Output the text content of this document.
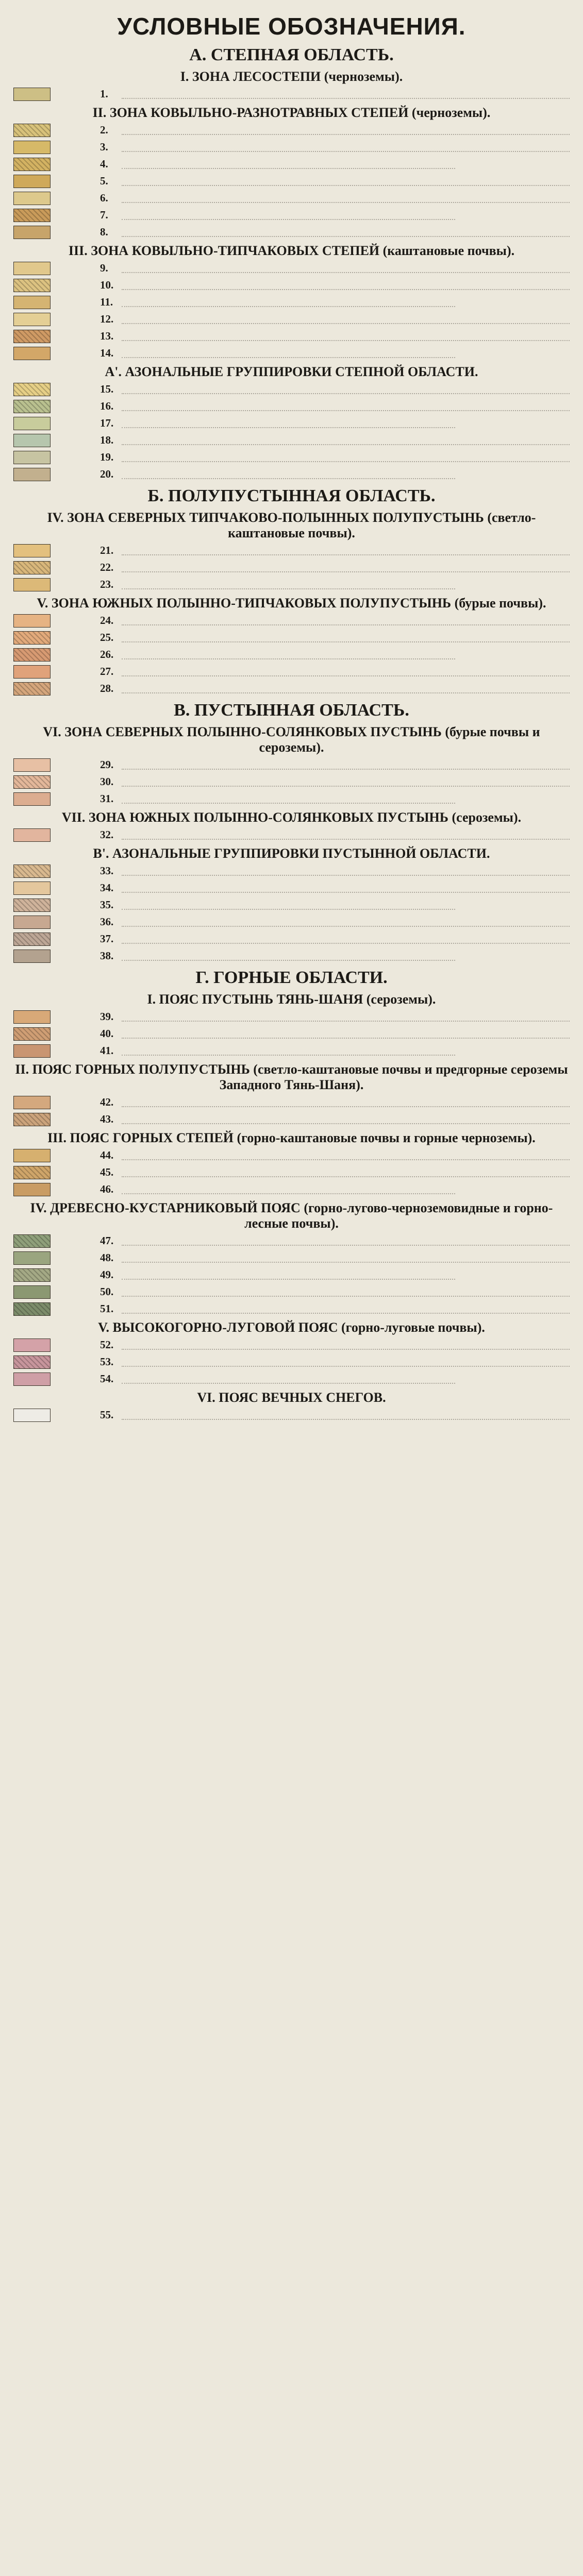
УСЛОВНЫЕ ОБОЗНАЧЕНИЯ.
А. СТЕПНАЯ ОБЛАСТЬ.
I. ЗОНА ЛЕСОСТЕПИ (черноземы).
1.
II. ЗОНА КОВЫЛЬНО-РАЗНОТРАВНЫХ СТЕПЕЙ (черноземы).
2.
3.
4.
5.
6.
7.
8.
III. ЗОНА КОВЫЛЬНО-ТИПЧАКОВЫХ СТЕПЕЙ (каштановые почвы).
9.
10.
11.
12.
13.
14.
А'. АЗОНАЛЬНЫЕ ГРУППИРОВКИ СТЕПНОЙ ОБЛАСТИ.
15.
16.
17.
18.
19.
20.
Б. ПОЛУПУСТЫННАЯ ОБЛАСТЬ.
IV. ЗОНА СЕВЕРНЫХ ТИПЧАКОВО-ПОЛЫННЫХ ПОЛУПУСТЫНЬ (светло-каштановые почвы).
21.
22.
23.
V. ЗОНА ЮЖНЫХ ПОЛЫННО-ТИПЧАКОВЫХ ПОЛУПУСТЫНЬ (бурые почвы).
24.
25.
26.
27.
28.
В. ПУСТЫННАЯ ОБЛАСТЬ.
VI. ЗОНА СЕВЕРНЫХ ПОЛЫННО-СОЛЯНКОВЫХ ПУСТЫНЬ (бурые почвы и сероземы).
29.
30.
31.
VII. ЗОНА ЮЖНЫХ ПОЛЫННО-СОЛЯНКОВЫХ ПУСТЫНЬ (сероземы).
32.
В'. АЗОНАЛЬНЫЕ ГРУППИРОВКИ ПУСТЫННОЙ ОБЛАСТИ.
33.
34.
35.
36.
37.
38.
Г. ГОРНЫЕ ОБЛАСТИ.
I. ПОЯС ПУСТЫНЬ ТЯНЬ-ШАНЯ (сероземы).
39.
40.
41.
II. ПОЯС ГОРНЫХ ПОЛУПУСТЫНЬ (светло-каштановые почвы и предгорные сероземы Западного Тянь-Шаня).
42.
43.
III. ПОЯС ГОРНЫХ СТЕПЕЙ (горно-каштановые почвы и горные черноземы).
44.
45.
46.
IV. ДРЕВЕСНО-КУСТАРНИКОВЫЙ ПОЯС (горно-лугово-черноземовидные и горно-лесные почвы).
47.
48.
49.
50.
51.
V. ВЫСОКОГОРНО-ЛУГОВОЙ ПОЯС (горно-луговые почвы).
52.
53.
54.
VI. ПОЯС ВЕЧНЫХ СНЕГОВ.
55.
